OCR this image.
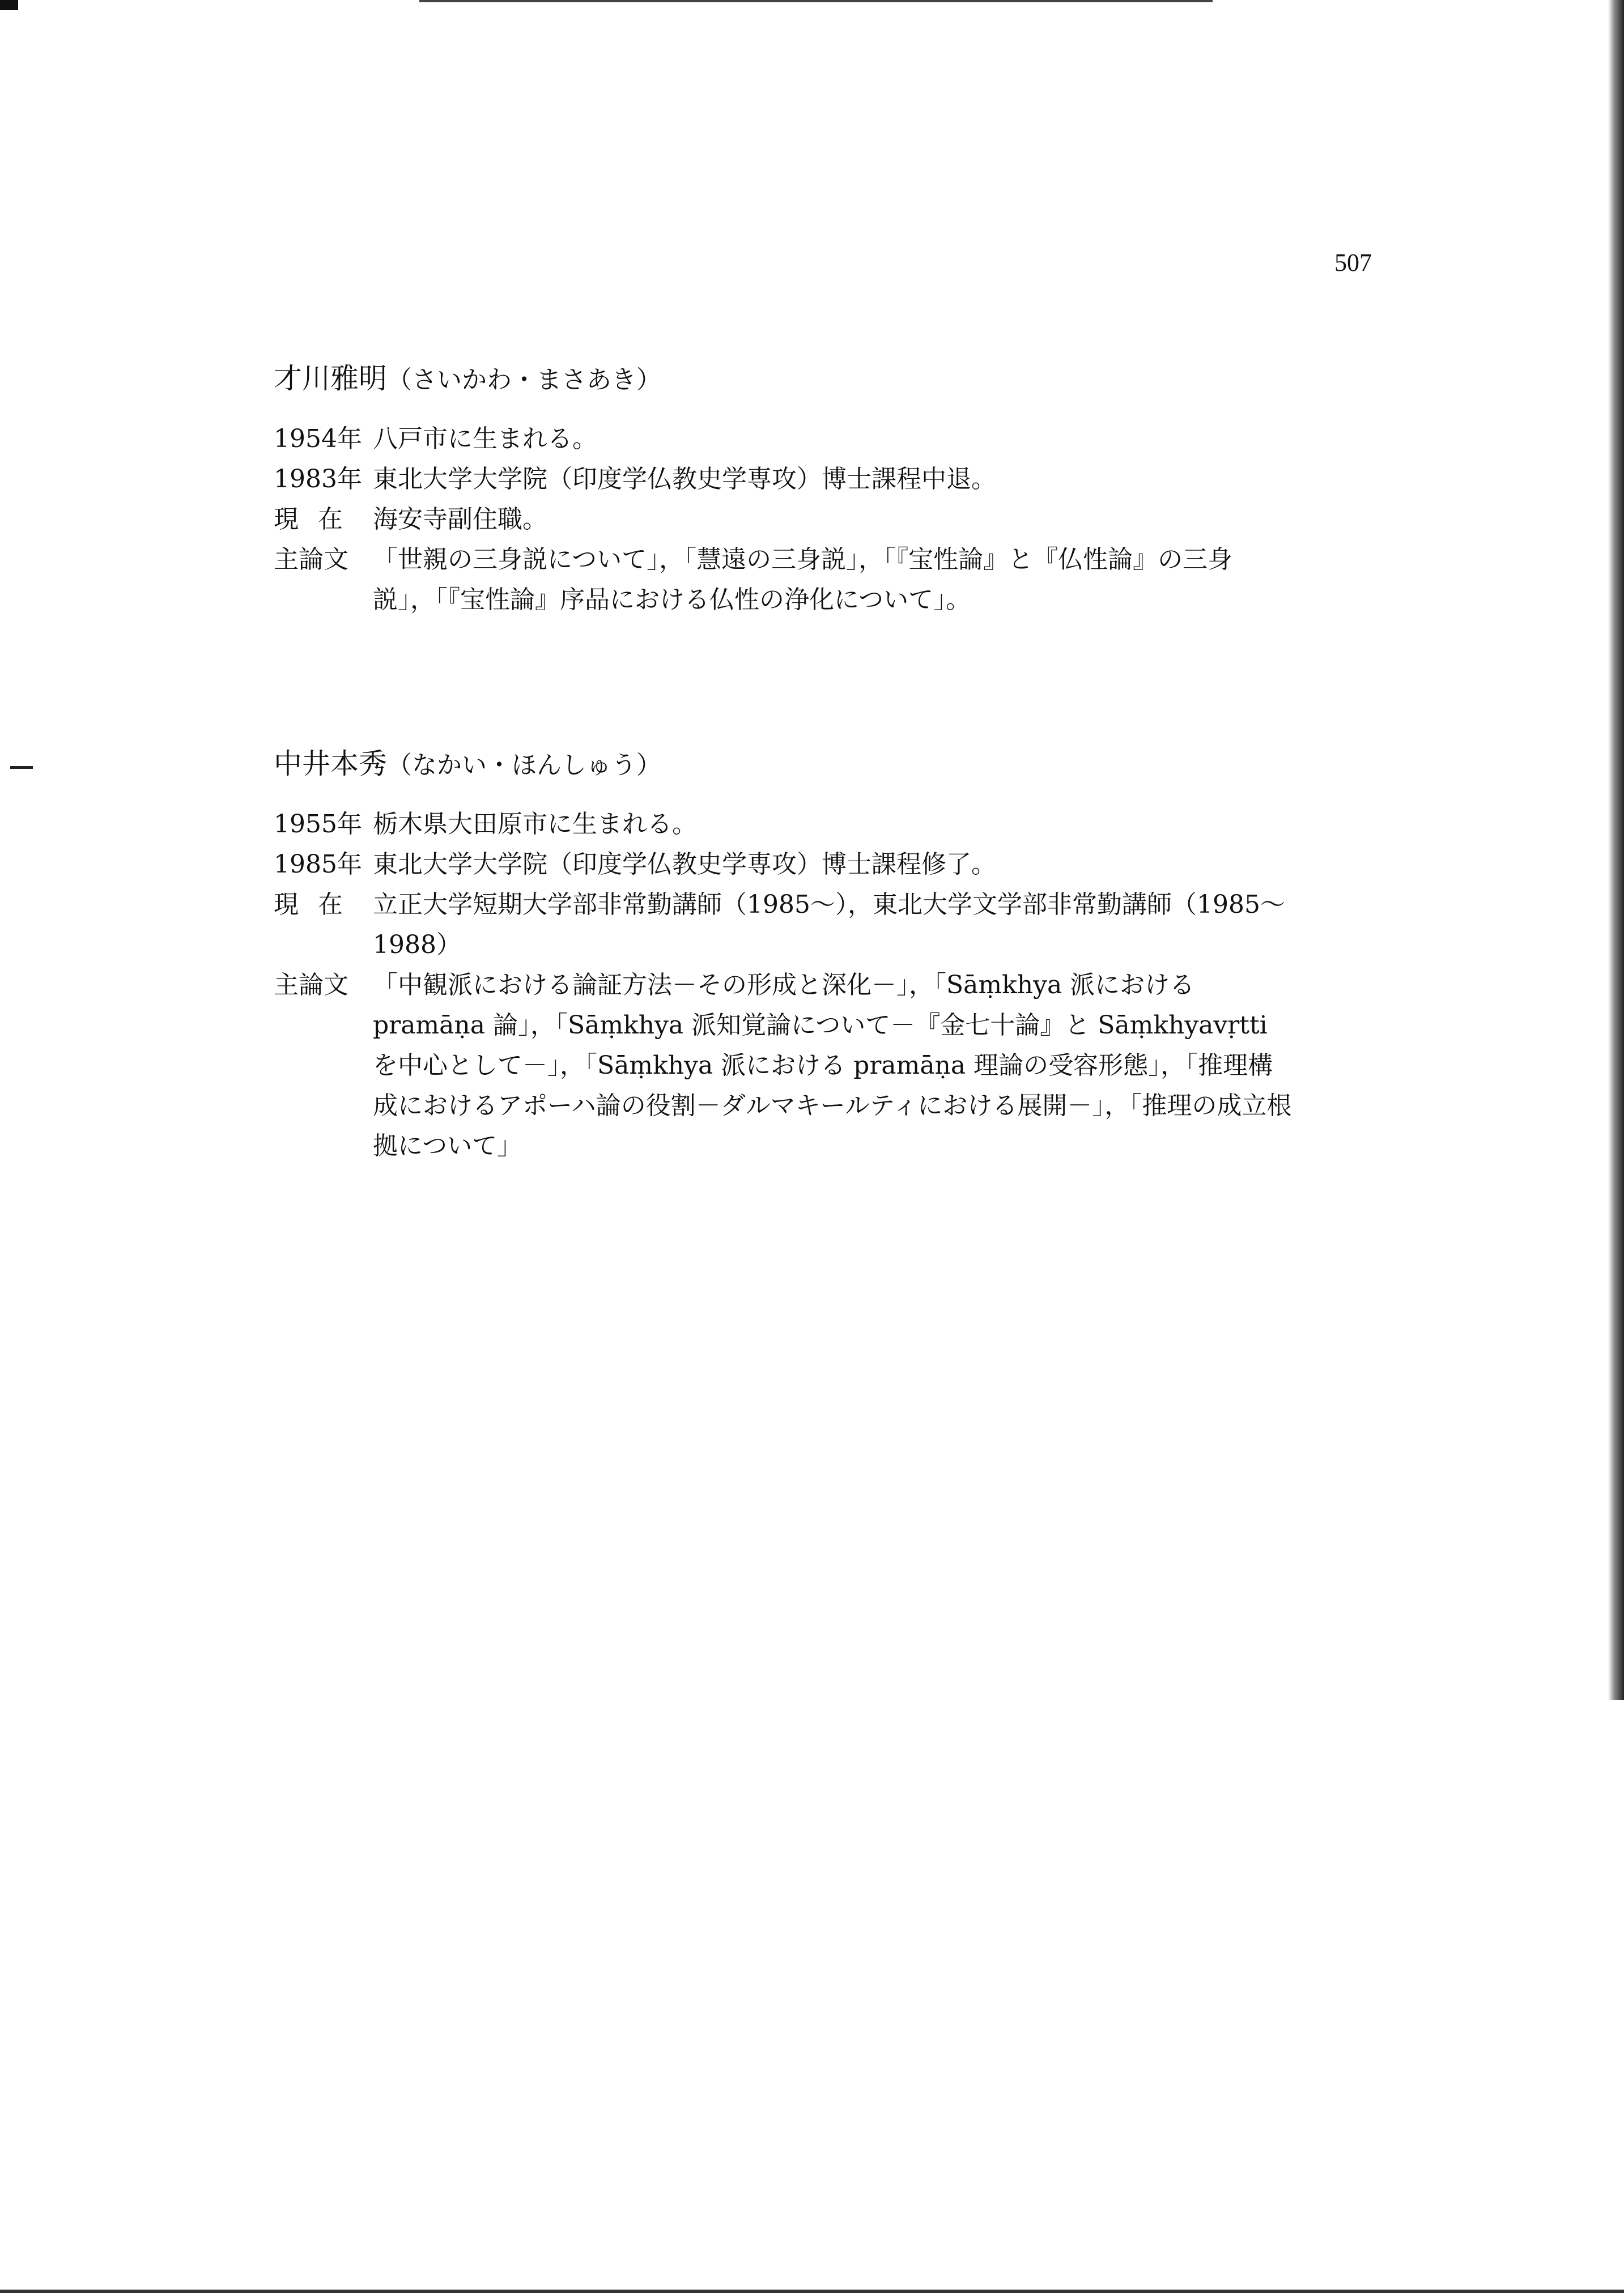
507
才川雅明（さいかわ・まさあき）
1954年 八戸市に生まれる。
1983年 東北大学大学院（印度学仏教史学専攻）博士課程中退。
現在 海安寺副住職。
主論文 「世親の三身説について」，「慧遠の三身説」，「『宝性論』と『仏性論』の三身説」，「『宝性論』序品における仏性の浄化について」。
中井本秀（なかい・ほんしゅう）
1955年 栃木県大田原市に生まれる。
1985年 東北大学大学院（印度学仏教史学専攻）博士課程修了。
現在 立正大学短期大学部非常勤講師（1985〜），東北大学文学部非常勤講師（1985〜1988）
主論文 「中観派における論証方法－その形成と深化－」，「Sāṃkhya 派における pramāṇa 論」，「Sāṃkhya 派知覚論について－『金七十論』と Sāṃkhyavṛtti を中心として－」，「Sāṃkhya 派における pramāṇa 理論の受容形態」，「推理構成におけるアポーハ論の役割－ダルマキールティにおける展開－」，「推理の成立根拠について」
